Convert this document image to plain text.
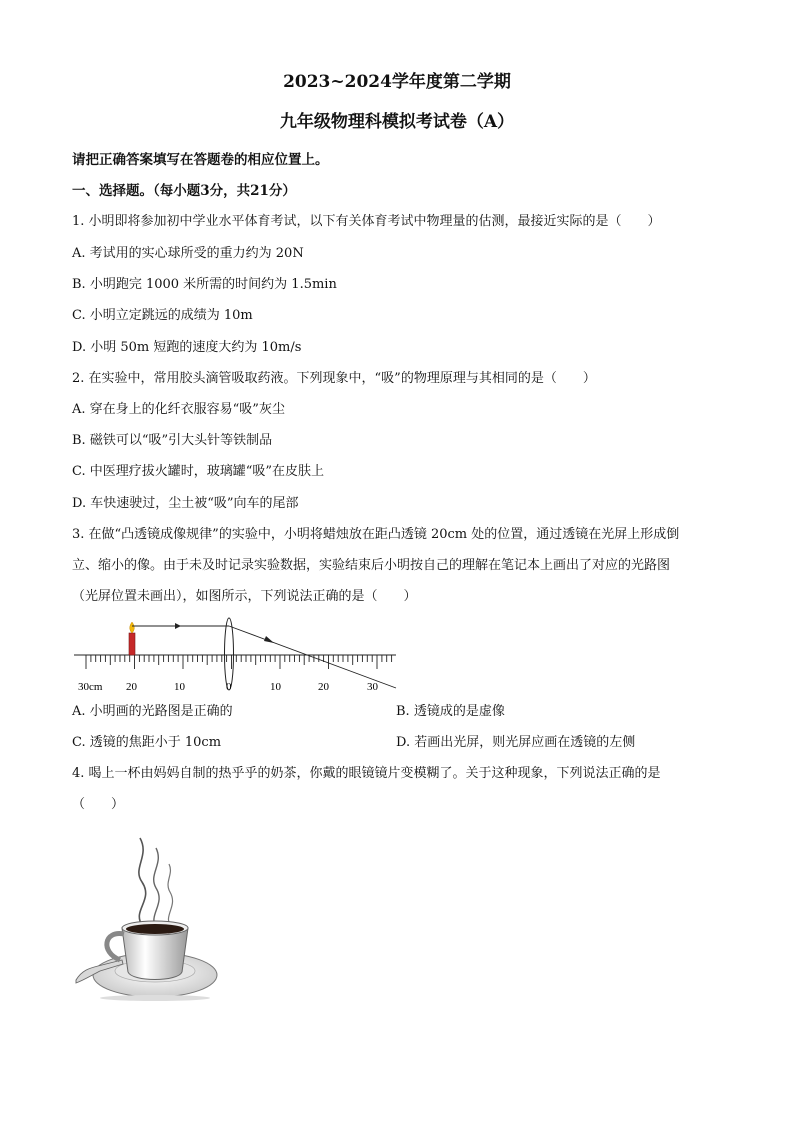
2023~2024学年度第二学期
九年级物理科模拟考试卷（A）
请把正确答案填写在答题卷的相应位置上。
一、选择题。（每小题3分，共21分）
1. 小明即将参加初中学业水平体育考试，以下有关体育考试中物理量的估测，最接近实际的是（　　）
A. 考试用的实心球所受的重力约为 20N
B. 小明跑完 1000 米所需的时间约为 1.5min
C. 小明立定跳远的成绩为 10m
D. 小明 50m 短跑的速度大约为 10m/s
2. 在实验中，常用胶头滴管吸取药液。下列现象中，“吸”的物理原理与其相同的是（　　）
A. 穿在身上的化纤衣服容易“吸”灰尘
B. 磁铁可以“吸”引大头针等铁制品
C. 中医理疗拔火罐时，玻璃罐“吸”在皮肤上
D. 车快速驶过，尘土被“吸”向车的尾部
3. 在做“凸透镜成像规律”的实验中，小明将蜡烛放在距凸透镜 20cm 处的位置，通过透镜在光屏上形成倒
立、缩小的像。由于未及时记录实验数据，实验结束后小明按自己的理解在笔记本上画出了对应的光路图
（光屏位置未画出），如图所示，下列说法正确的是（　　）
30cm 20	10	0	10	20	30
A. 小明画的光路图是正确的	B. 透镜成的是虚像
C. 透镜的焦距小于 10cm	D. 若画出光屏，则光屏应画在透镜的左侧
4. 喝上一杯由妈妈自制的热乎乎的奶茶，你戴的眼镜镜片变模糊了。关于这种现象，下列说法正确的是
（　　）
